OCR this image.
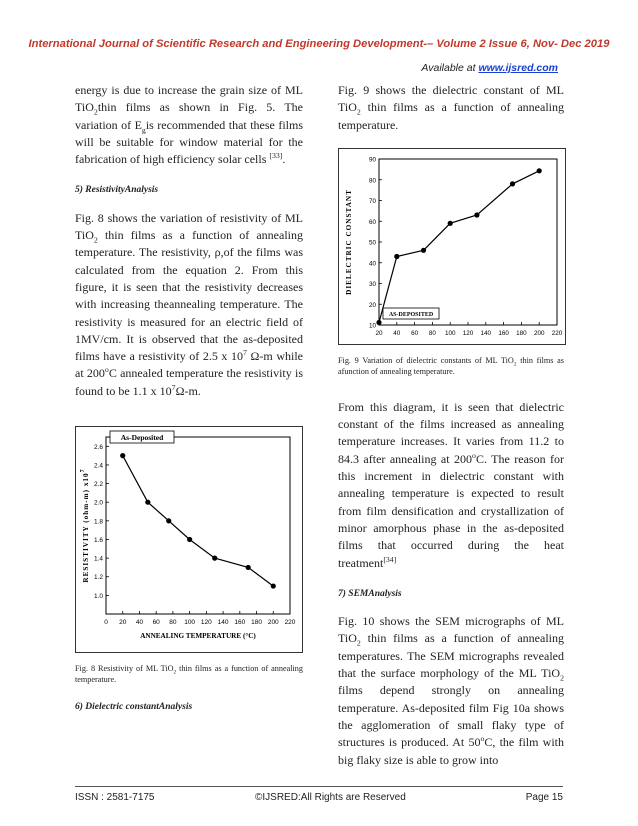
International Journal of Scientific Research and Engineering Development-– Volume 2 Issue 6, Nov- Dec 2019
Available at www.ijsred.com

energy is due to increase the grain size of ML TiO$_2$thin films as shown in Fig. 5. The variation of $E_gis$ recommended that these films will be suitable for window material for the fabrication of high efficiency solar cells [33].

5) ResistivityAnalysis

Fig. 8 shows the variation of resistivity of ML TiO$_2$ thin films as a function of annealing temperature. The resistivity, ρ,of the films was calculated from the equation 2. From this figure, it is seen that the resistivity decreases with increasing theannealing temperature. The resistivity is measured for an electric field of 1MV/cm. It is observed that the as-deposited films have a resistivity of 2.5 x $10^7$ Ω-m while at 200$^o$C annealed temperature the resistivity is found to be 1.1 x $10^7\Omega-m$.

0 20 40 60 80 100 120 140 160 180 200 220
1.0
1.2
1.4
1.6
1.8
2.0
2.2
2.4
2.6
RESISTIVITY (ohm-m) $x10^7$
ANNEALING TEMPERATURE (°C)
As-Deposited

Fig. 8 Resistivity of ML TiO$_2$ thin films as a function of annealing temperature.

6) Dielectric constantAnalysis

Fig. 9 shows the dielectric constant of ML TiO$_2$ thin films as a function of annealing temperature.

20 40 60 80 100 120 140 160 180 200 220
10
20
30
40
50
60
70
80
90
DIELECTRIC CONSTANT
AS-DEPOSITED

Fig. 9 Variation of dielectric constants of ML TiO$_2$ thin films as afunction of annealing temperature.

From this diagram, it is seen that dielectric constant of the films increased as annealing temperature increases. It varies from 11.2 to 84.3 after annealing at 200$^o$C. The reason for this increment in dielectric constant with annealing temperature is expected to result from film densification and crystallization of minor amorphous phase in the as-deposited films that occurred during the heat treatment[34]

7) SEMAnalysis

Fig. 10 shows the SEM micrographs of ML TiO$_2$ thin films as a function of annealing temperatures. The SEM micrographs revealed that the surface morphology of the ML TiO$_2$ films depend strongly on annealing temperature. As-deposited film Fig 10a shows the agglomeration of small flaky type of structures is produced. At 50$^o$C, the film with big flaky size is able to grow into

ISSN : 2581-7175	©IJSRED:All Rights are Reserved	Page 15
